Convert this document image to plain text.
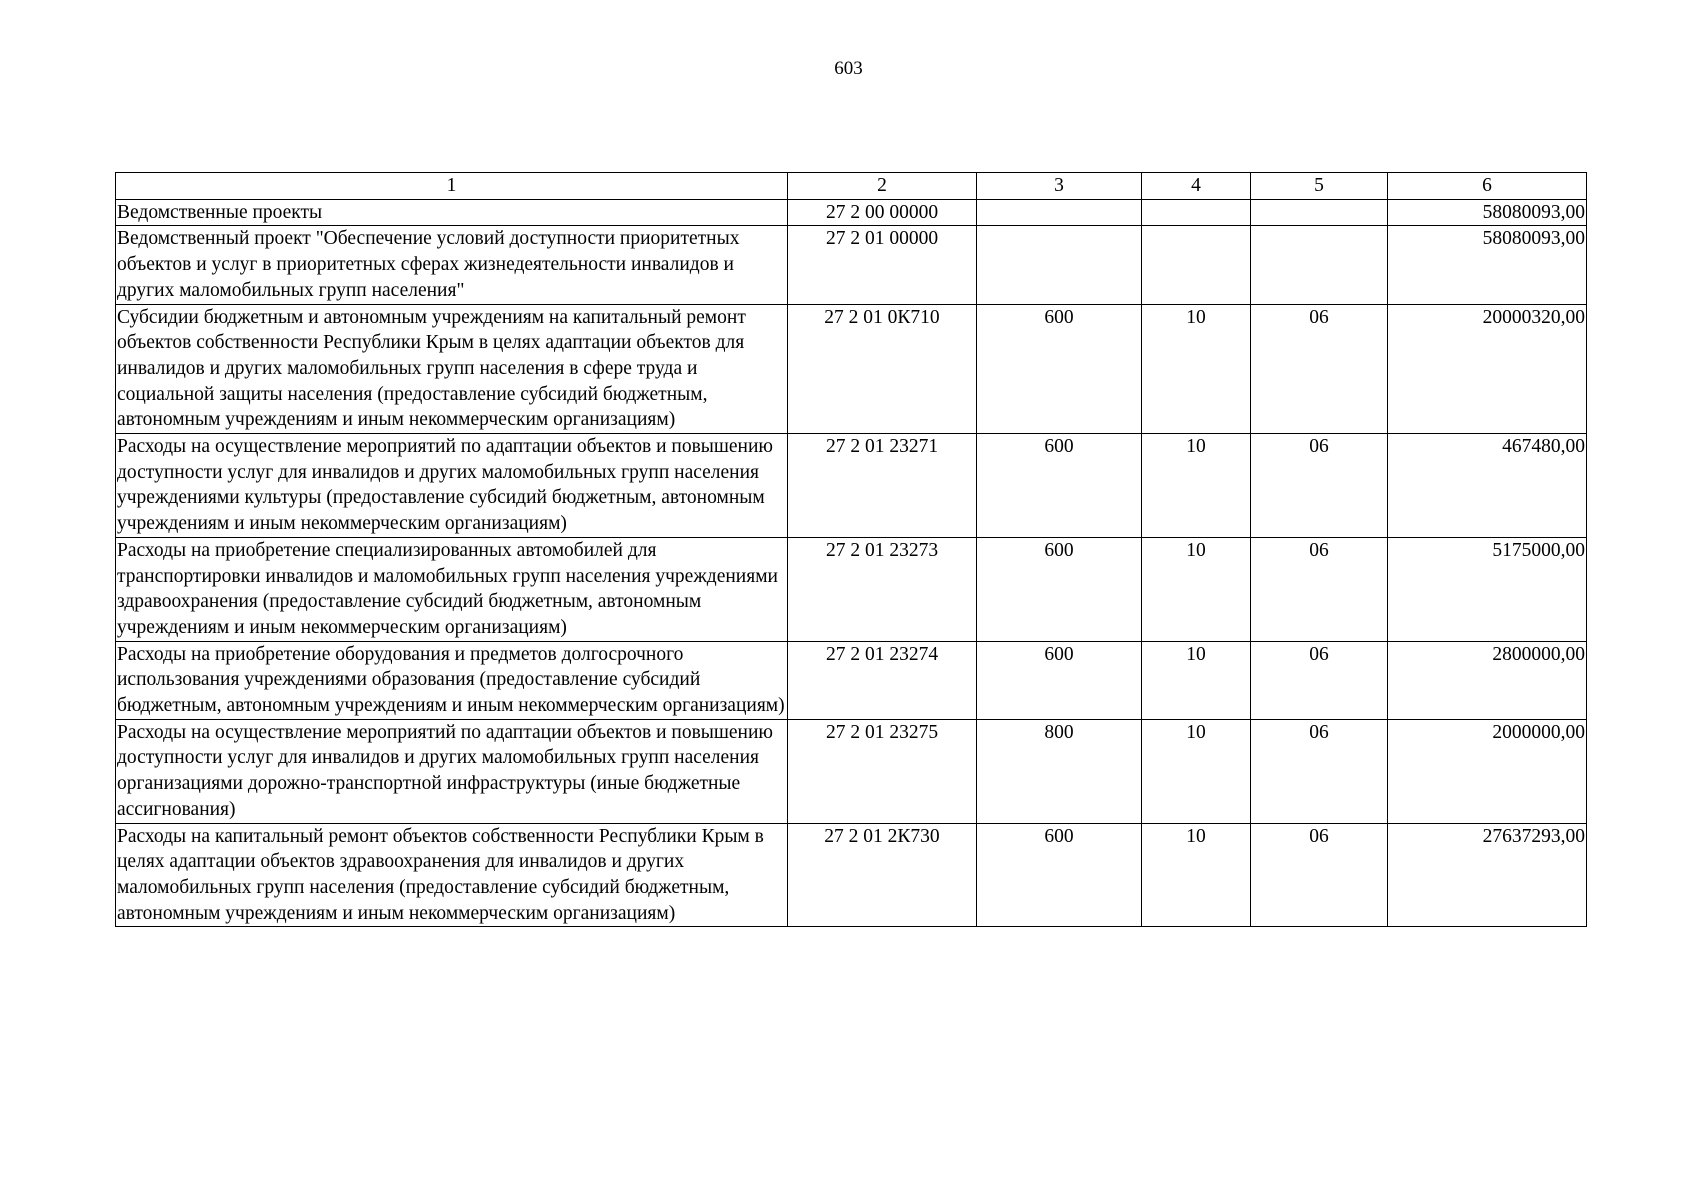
603
1	2	3	4	5	6
Ведомственные проекты	27 2 00 00000				58080093,00
Ведомственный проект "Обеспечение условий доступности приоритетных объектов и услуг в приоритетных сферах жизнедеятельности инвалидов и других маломобильных групп населения"	27 2 01 00000				58080093,00
Субсидии бюджетным и автономным учреждениям на капитальный ремонт объектов собственности Республики Крым в целях адаптации объектов для инвалидов и других маломобильных групп населения в сфере труда и социальной защиты населения (предоставление субсидий бюджетным, автономным учреждениям и иным некоммерческим организациям)	27 2 01 0К710	600	10	06	20000320,00
Расходы на осуществление мероприятий по адаптации объектов и повышению доступности услуг для инвалидов и других маломобильных групп населения учреждениями культуры (предоставление субсидий бюджетным, автономным учреждениям и иным некоммерческим организациям)	27 2 01 23271	600	10	06	467480,00
Расходы на приобретение специализированных автомобилей для транспортировки инвалидов и маломобильных групп населения учреждениями здравоохранения (предоставление субсидий бюджетным, автономным учреждениям и иным некоммерческим организациям)	27 2 01 23273	600	10	06	5175000,00
Расходы на приобретение оборудования и предметов долгосрочного использования учреждениями образования (предоставление субсидий бюджетным, автономным учреждениям и иным некоммерческим организациям)	27 2 01 23274	600	10	06	2800000,00
Расходы на осуществление мероприятий по адаптации объектов и повышению доступности услуг для инвалидов и других маломобильных групп населения организациями дорожно-транспортной инфраструктуры (иные бюджетные ассигнования)	27 2 01 23275	800	10	06	2000000,00
Расходы на капитальный ремонт объектов собственности Республики Крым в целях адаптации объектов здравоохранения для инвалидов и других маломобильных групп населения (предоставление субсидий бюджетным, автономным учреждениям и иным некоммерческим организациям)	27 2 01 2К730	600	10	06	27637293,00
